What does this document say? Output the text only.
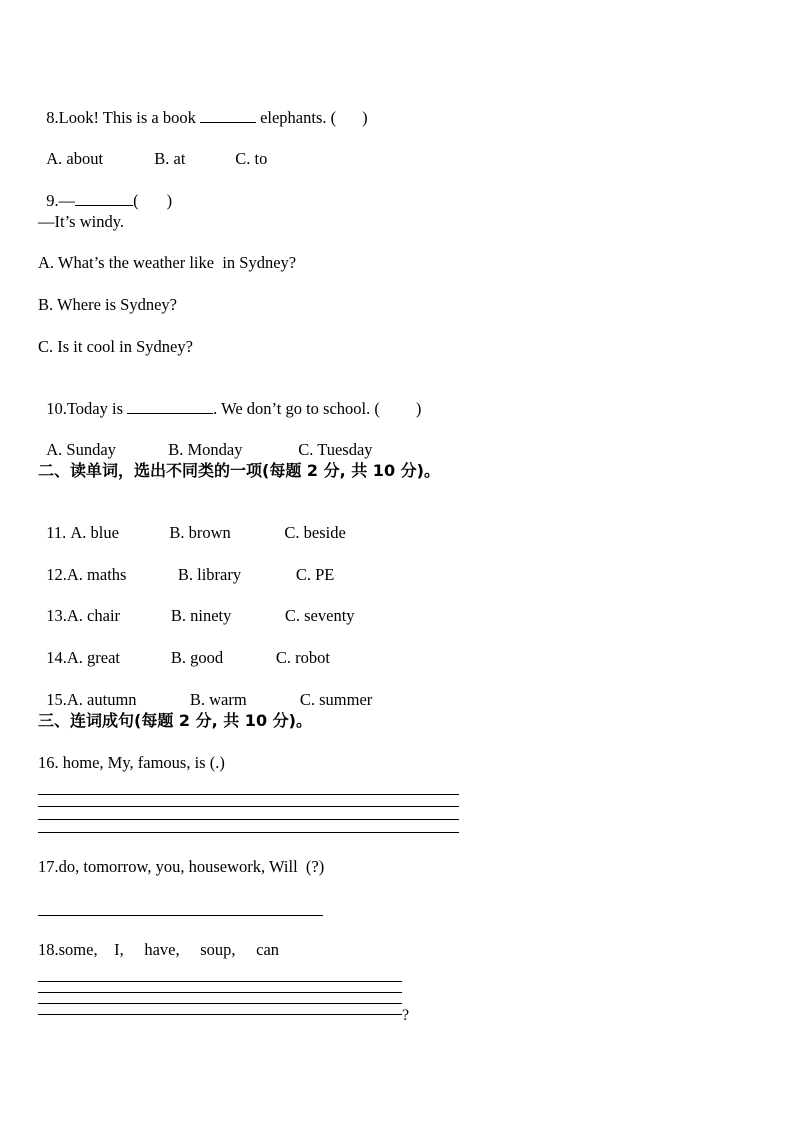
8.Look! This is a book	elephants. ( )

A. about	B. at	C. to

9.—	( )

—It’s windy.
A. What’s the weather like  in Sydney?
B. Where is Sydney?
C. Is it cool in Sydney?

10.Today is	. We don’t go to school. ( )

A. Sunday	B. Monday	C. Tuesday

二、读单词，选出不同类的一项(每题 2 分, 共 10 分)。

11. A. blue	B. brown	C. beside

12.A. maths	B. library	C. PE

13.A. chair	B. ninety	C. seventy

14.A. great	B. good	C. robot

15.A. autumn	B. warm	C. summer

三、连词成句(每题 2 分, 共 10 分)。
16. home, My, famous, is (.)
17.do, tomorrow, you, housework, Will  (?)
18.some,    I,     have,     soup,     can
?
